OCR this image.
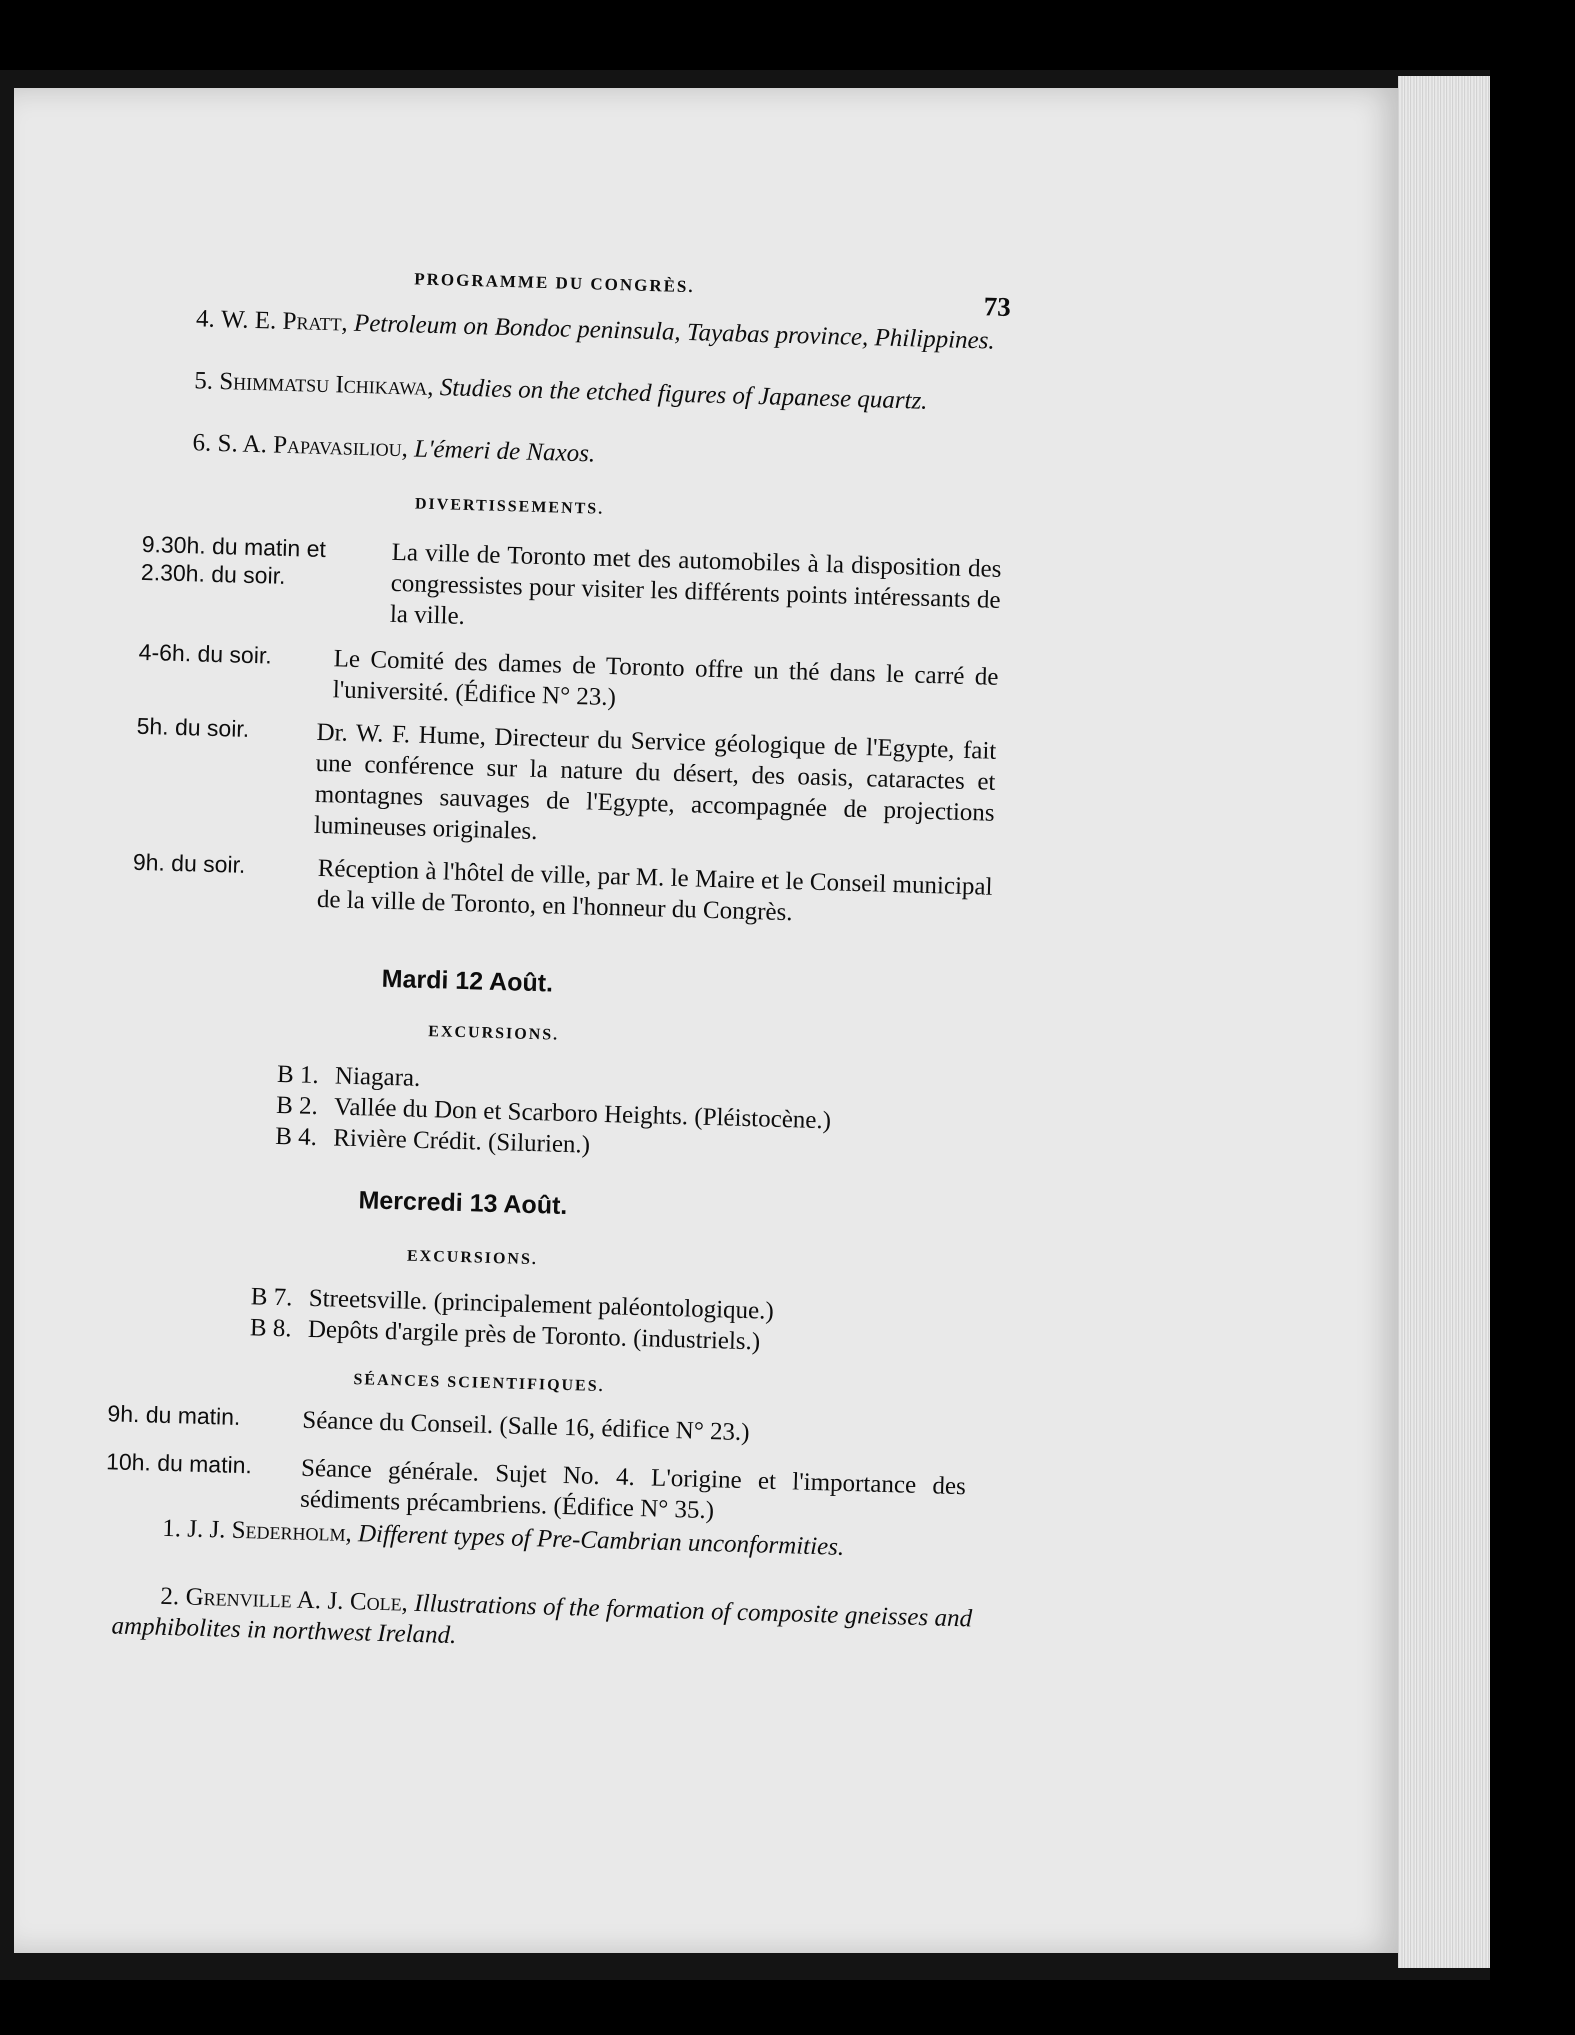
PROGRAMME DU CONGRÈS.
73
4. W. E. Pratt, Petroleum on Bondoc peninsula, Tayabas province, Philippines.
5. Shimmatsu Ichikawa, Studies on the etched figures of Japanese quartz.
6. S. A. Papavasiliou, L'émeri de Naxos.
DIVERTISSEMENTS.
9.30h. du matin et 2.30h. du soir.	La ville de Toronto met des automobiles à la disposition des congressistes pour visiter les différents points intéressants de la ville.
4-6h. du soir.	Le Comité des dames de Toronto offre un thé dans le carré de l'université. (Édifice N° 23.)
5h. du soir.	Dr. W. F. Hume, Directeur du Service géologique de l'Egypte, fait une conférence sur la nature du désert, des oasis, cataractes et montagnes sauvages de l'Egypte, accompagnée de projections lumineuses originales.
9h. du soir.	Réception à l'hôtel de ville, par M. le Maire et le Conseil municipal de la ville de Toronto, en l'honneur du Congrès.
Mardi 12 Août.
EXCURSIONS.
B 1. Niagara.
B 2. Vallée du Don et Scarboro Heights. (Pléistocène.)
B 4. Rivière Crédit. (Silurien.)
Mercredi 13 Août.
EXCURSIONS.
B 7. Streetsville. (principalement paléontologique.)
B 8. Depôts d'argile près de Toronto. (industriels.)
SÉANCES SCIENTIFIQUES.
9h. du matin.	Séance du Conseil. (Salle 16, édifice N° 23.)
10h. du matin.	Séance générale. Sujet No. 4. L'origine et l'importance des sédiments précambriens. (Édifice N° 35.)
1. J. J. Sederholm, Different types of Pre-Cambrian unconformities.
2. Grenville A. J. Cole, Illustrations of the formation of composite gneisses and amphibolites in northwest Ireland.
